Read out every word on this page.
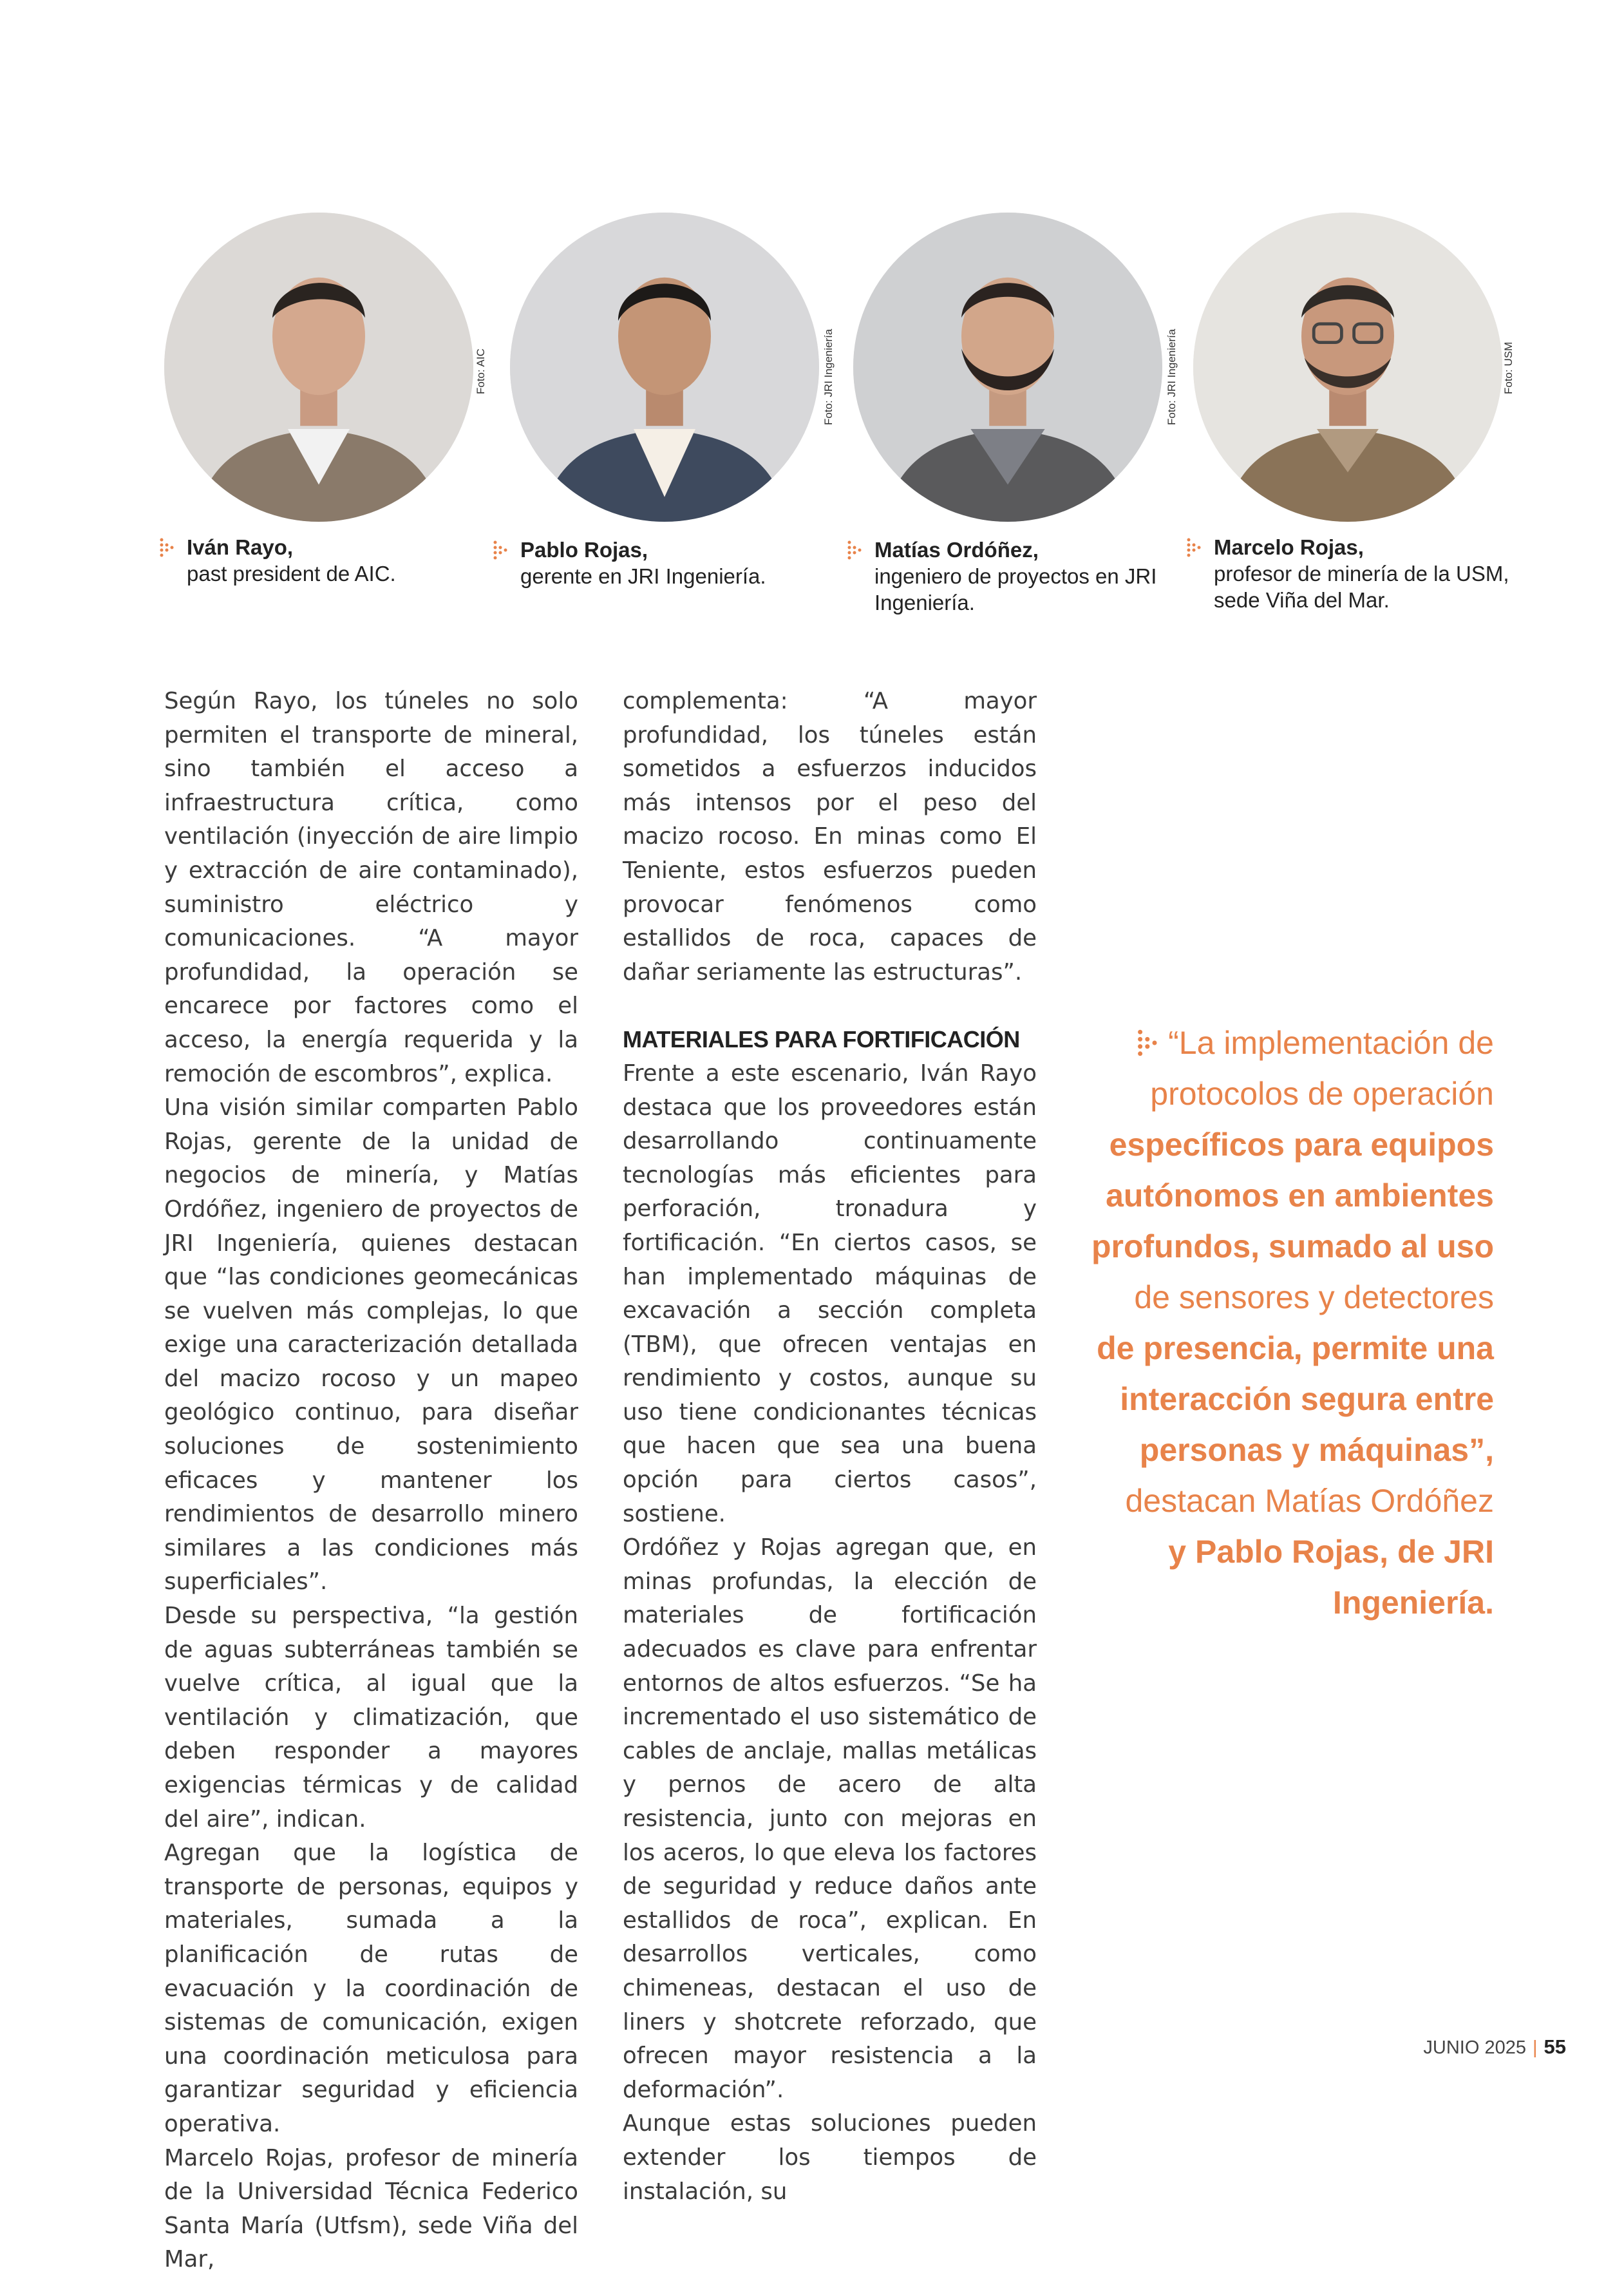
Foto: AIC	Foto: JRI Ingeniería	Foto: JRI Ingeniería	Foto: USM
Iván Rayo,
past president de AIC.
Pablo Rojas,
gerente en JRI Ingeniería.
Matías Ordóñez,
ingeniero de proyectos en JRI
Ingeniería.
Marcelo Rojas,
profesor de minería de la USM,
sede Viña del Mar.

Según Rayo, los túneles no solo permiten el transporte de mineral, sino también el acceso a infraestructura crítica, como ventilación (inyección de aire limpio y extracción de aire contaminado), suministro eléctrico y comunicaciones. “A mayor profundidad, la operación se encarece por factores como el acceso, la energía requerida y la remoción de escombros”, explica.

Una visión similar comparten Pablo Rojas, gerente de la unidad de negocios de minería, y Matías Ordóñez, ingeniero de proyectos de JRI Ingeniería, quienes destacan que “las condiciones geomecánicas se vuelven más complejas, lo que exige una caracterización detallada del macizo rocoso y un mapeo geológico continuo, para diseñar soluciones de sostenimiento eficaces y mantener los rendimientos de desarrollo minero similares a las condiciones más superficiales”.

Desde su perspectiva, “la gestión de aguas subterráneas también se vuelve crítica, al igual que la ventilación y climatización, que deben responder a mayores exigencias térmicas y de calidad del aire”, indican.

Agregan que la logística de transporte de personas, equipos y materiales, sumada a la planificación de rutas de evacuación y la coordinación de sistemas de comunicación, exigen una coordinación meticulosa para garantizar seguridad y eficiencia operativa.

Marcelo Rojas, profesor de minería de la Universidad Técnica Federico Santa María (Utfsm), sede Viña del Mar,

complementa: “A mayor profundidad, los túneles están sometidos a esfuerzos inducidos más intensos por el peso del macizo rocoso. En minas como El Teniente, estos esfuerzos pueden provocar fenómenos como estallidos de roca, capaces de dañar seriamente las estructuras”.

MATERIALES PARA FORTIFICACIÓN

Frente a este escenario, Iván Rayo destaca que los proveedores están desarrollando continuamente tecnologías más eficientes para perforación, tronadura y fortificación. “En ciertos casos, se han implementado máquinas de excavación a sección completa (TBM), que ofrecen ventajas en rendimiento y costos, aunque su uso tiene condicionantes técnicas que hacen que sea una buena opción para ciertos casos”, sostiene.

Ordóñez y Rojas agregan que, en minas profundas, la elección de materiales de fortificación adecuados es clave para enfrentar entornos de altos esfuerzos. “Se ha incrementado el uso sistemático de cables de anclaje, mallas metálicas y pernos de acero de alta resistencia, junto con mejoras en los aceros, lo que eleva los factores de seguridad y reduce daños ante estallidos de roca”, explican. En desarrollos verticales, como chimeneas, destacan el uso de liners y shotcrete reforzado, que ofrecen mayor resistencia a la deformación”.

Aunque estas soluciones pueden extender los tiempos de instalación, su

“La implementación de
protocolos de operación
específicos para equipos
autónomos en ambientes
profundos, sumado al uso
de sensores y detectores
de presencia, permite una
interacción segura entre
personas y máquinas”,
destacan Matías Ordóñez
y Pablo Rojas, de JRI
Ingeniería.
JUNIO 2025 | 55
